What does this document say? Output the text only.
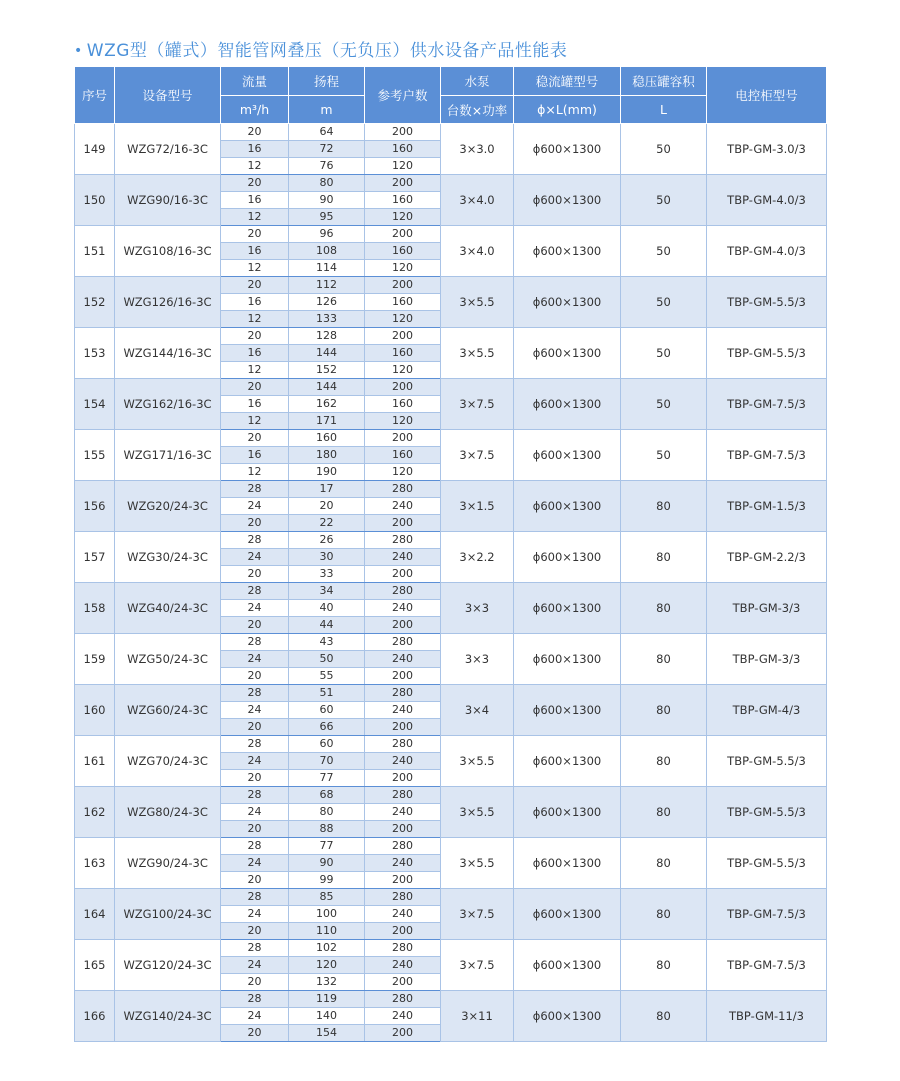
• WZG型（罐式）智能管网叠压（无负压）供水设备产品性能表
序号	设备型号	流量	扬程	参考户数	水泵	稳流罐型号	稳压罐容积	电控柜型号
		m³/h	m		台数×功率	ϕ×L(mm)	L	
149	WZG72/16-3C	20	64	200	3×3.0	ϕ600×1300	50	TBP-GM-3.0/3
		16	72	160				
		12	76	120				
150	WZG90/16-3C	20	80	200	3×4.0	ϕ600×1300	50	TBP-GM-4.0/3
		16	90	160				
		12	95	120				
151	WZG108/16-3C	20	96	200	3×4.0	ϕ600×1300	50	TBP-GM-4.0/3
		16	108	160				
		12	114	120				
152	WZG126/16-3C	20	112	200	3×5.5	ϕ600×1300	50	TBP-GM-5.5/3
		16	126	160				
		12	133	120				
153	WZG144/16-3C	20	128	200	3×5.5	ϕ600×1300	50	TBP-GM-5.5/3
		16	144	160				
		12	152	120				
154	WZG162/16-3C	20	144	200	3×7.5	ϕ600×1300	50	TBP-GM-7.5/3
		16	162	160				
		12	171	120				
155	WZG171/16-3C	20	160	200	3×7.5	ϕ600×1300	50	TBP-GM-7.5/3
		16	180	160				
		12	190	120				
156	WZG20/24-3C	28	17	280	3×1.5	ϕ600×1300	80	TBP-GM-1.5/3
		24	20	240				
		20	22	200				
157	WZG30/24-3C	28	26	280	3×2.2	ϕ600×1300	80	TBP-GM-2.2/3
		24	30	240				
		20	33	200				
158	WZG40/24-3C	28	34	280	3×3	ϕ600×1300	80	TBP-GM-3/3
		24	40	240				
		20	44	200				
159	WZG50/24-3C	28	43	280	3×3	ϕ600×1300	80	TBP-GM-3/3
		24	50	240				
		20	55	200				
160	WZG60/24-3C	28	51	280	3×4	ϕ600×1300	80	TBP-GM-4/3
		24	60	240				
		20	66	200				
161	WZG70/24-3C	28	60	280	3×5.5	ϕ600×1300	80	TBP-GM-5.5/3
		24	70	240				
		20	77	200				
162	WZG80/24-3C	28	68	280	3×5.5	ϕ600×1300	80	TBP-GM-5.5/3
		24	80	240				
		20	88	200				
163	WZG90/24-3C	28	77	280	3×5.5	ϕ600×1300	80	TBP-GM-5.5/3
		24	90	240				
		20	99	200				
164	WZG100/24-3C	28	85	280	3×7.5	ϕ600×1300	80	TBP-GM-7.5/3
		24	100	240				
		20	110	200				
165	WZG120/24-3C	28	102	280	3×7.5	ϕ600×1300	80	TBP-GM-7.5/3
		24	120	240				
		20	132	200				
166	WZG140/24-3C	28	119	280	3×11	ϕ600×1300	80	TBP-GM-11/3
		24	140	240				
		20	154	200				
